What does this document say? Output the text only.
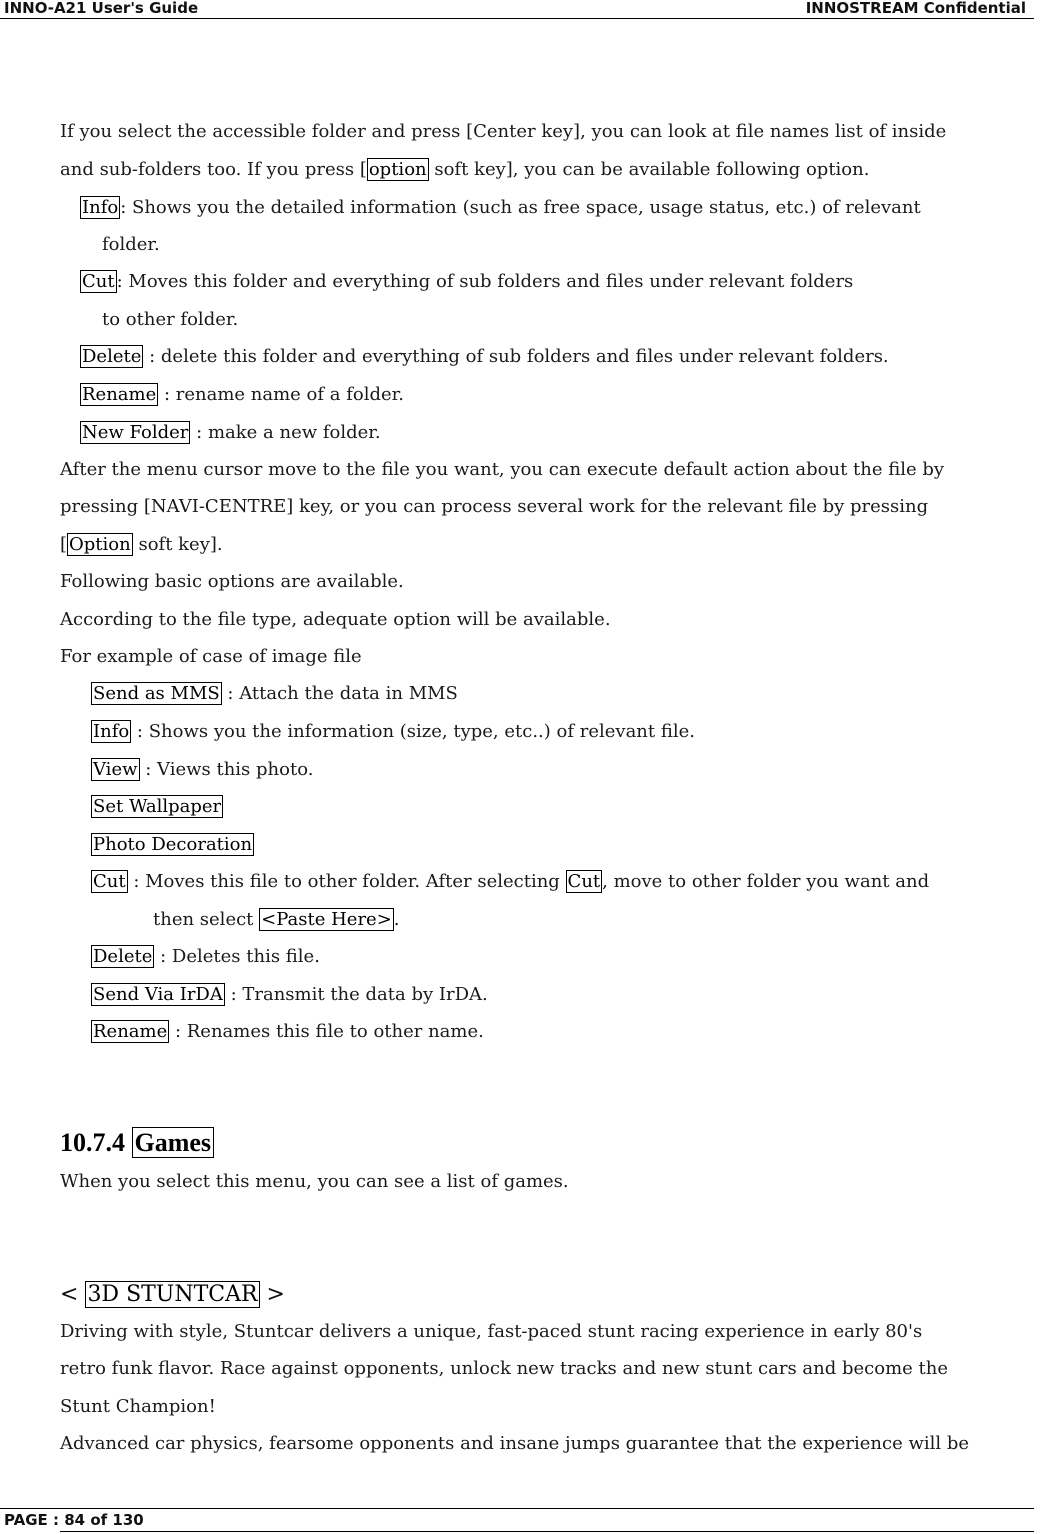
INNO-A21 User's Guide	INNOSTREAM Confidential
If you select the accessible folder and press [Center key], you can look at file names list of inside
and sub-folders too. If you press [ option soft key], you can be available following option.
Info : Shows you the detailed information (such as free space, usage status, etc.) of relevant
folder.
Cut : Moves this folder and everything of sub folders and files under relevant folders
to other folder.
Delete : delete this folder and everything of sub folders and files under relevant folders.
Rename : rename name of a folder.
New Folder : make a new folder.
After the menu cursor move to the file you want, you can execute default action about the file by
pressing [NAVI-CENTRE] key, or you can process several work for the relevant file by pressing
[ Option soft key].
Following basic options are available.
According to the file type, adequate option will be available.
For example of case of image file
Send as MMS : Attach the data in MMS
Info : Shows you the information (size, type, etc..) of relevant file.
View : Views this photo.
Set Wallpaper
Photo Decoration
Cut : Moves this file to other folder. After selecting Cut , move to other folder you want and
then select <Paste Here> .
Delete : Deletes this file.
Send Via IrDA : Transmit the data by IrDA.
Rename : Renames this file to other name.
10.7.4 Games
When you select this menu, you can see a list of games.
< 3D STUNTCAR >
Driving with style, Stuntcar delivers a unique, fast-paced stunt racing experience in early 80's
retro funk flavor. Race against opponents, unlock new tracks and new stunt cars and become the
Stunt Champion!
Advanced car physics, fearsome opponents and insane jumps guarantee that the experience will be
PAGE : 84 of 130
